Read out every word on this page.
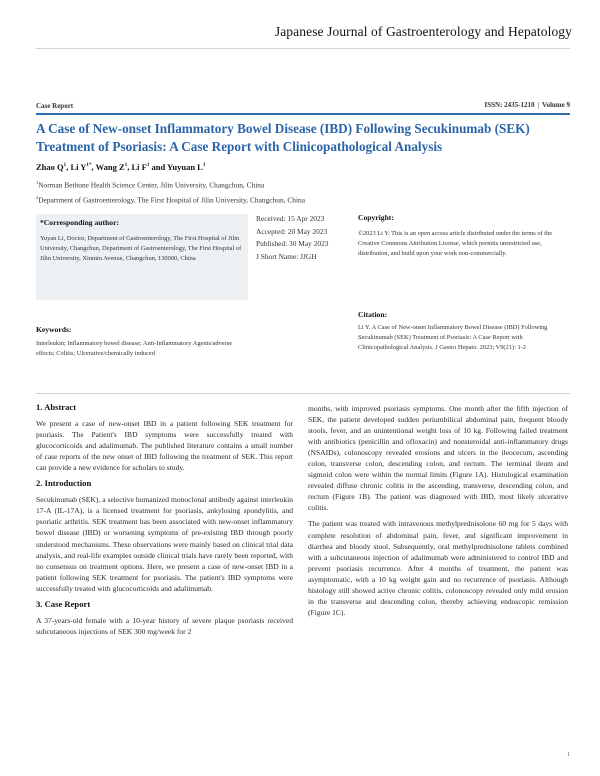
Japanese Journal of Gastroenterology and Hepatology
Case Report	ISSN: 2435-1210 | Volume 9
A Case of New-onset Inflammatory Bowel Disease (IBD) Following Secukinumab (SEK) Treatment of Psoriasis: A Case Report with Clinicopathological Analysis
Zhao $Q^1$, Li $Y^{1*}$, Wang $Z^1$, Li $F^1$ and Yuyuan $L^1$
$^1$Norman Bethune Health Science Center, Jilin University, Changchun, China
$^2$Department of Gastroenterology, The First Hospital of Jilin University, Changchun, China
*Corresponding author:
Yuyan Li, Doctor, Department of Gastroenterology, The First Hospital of Jilin University, Changchun, Department of Gastroenterology, The First Hospital of Jilin University, Xinmin Avenue, Changchun, 130000, China
Received: 15 Apr 2023
Accepted: 20 May 2023
Published: 30 May 2023
J Short Name: JJGH
Copyright:
©2023 Li Y. This is an open access article distributed under the terms of the Creative Commons Attribution License, which permits unrestricted use, distribution, and build upon your work non-commercially.
Keywords:
Interleukin; Inflammatory bowel disease; Anti-Inflammatory Agents/adverse effects; Colitis; Ulcerative/chemically induced
Citation:
Li Y. A Case of New-onset Inflammatory Bowel Disease (IBD) Following Secukinumab (SEK) Treatment of Psoriasis: A Case Report with Clinicopathological Analysis. J Gastro Hepato. 2023; V9(21): 1-2
1. Abstract

We present a case of new-onset IBD in a patient following SEK treatment for psoriasis. The Patient's IBD symptoms were successfully treated with glucocorticoids and adalimumab. The published literature contains a small number of case reports of the new onset of IBD following the treatment of SEK. This report can provide a new evidence for scholars to study.

2. Introduction

Secukinumab (SEK), a selective humanized monoclonal antibody against interleukin 17-A (IL-17A), is a licensed treatment for psoriasis, ankylosing spondylitis, and psoriatic arthritis. SEK treatment has been associated with new-onset inflammatory bowel disease (IBD) or worsening symptoms of pre-existing IBD through poorly understood mechanisms. These observations were mainly based on clinical trial data analysis, and real-life examples outside clinical trials have rarely been reported, with no consensus on treatment options. Here, we present a case of new-onset IBD in a patient following SEK treatment for psoriasis. The patient's IBD symptoms were successfully treated with glucocorticoids and adalimumab.

3. Case Report

A 37-years-old female with a 10-year history of severe plaque psoriasis received subcutaneous injections of SEK 300 mg/week for 2

months, with improved psoriasis symptoms. One month after the fifth injection of SEK, the patient developed sudden periumbilical abdominal pain, frequent bloody stools, fever, and an unintentional weight loss of 10 kg. Following failed treatment with antibiotics (penicillin and ofloxacin) and nonsteroidal anti-inflammatory drugs (NSAIDs), colonoscopy revealed erosions and ulcers in the ileocecum, ascending colon, transverse colon, descending colon, and rectum. The terminal ileum and sigmoid colon were within the normal limits (Figure 1A). Histological examination revealed diffuse chronic colitis in the ascending, transverse, descending colon, and rectum (Figure 1B). The patient was diagnosed with IBD, most likely ulcerative colitis.

The patient was treated with intravenous methylprednisolone 60 mg for 5 days with complete resolution of abdominal pain, fever, and significant improvement in diarrhea and bloody stool. Subsequently, oral methylprednisolone tablets combined with a subcutaneous injection of adalimumab were administered to control IBD and prevent psoriasis recurrence. After 4 months of treatment, the patient was asymptomatic, with a 10 kg weight gain and no recurrence of psoriasis. Although histology still showed active chronic colitis, colonoscopy revealed only mild erosion in the transverse and descending colon, thereby achieving endoscopic remission (Figure 1C).

1
